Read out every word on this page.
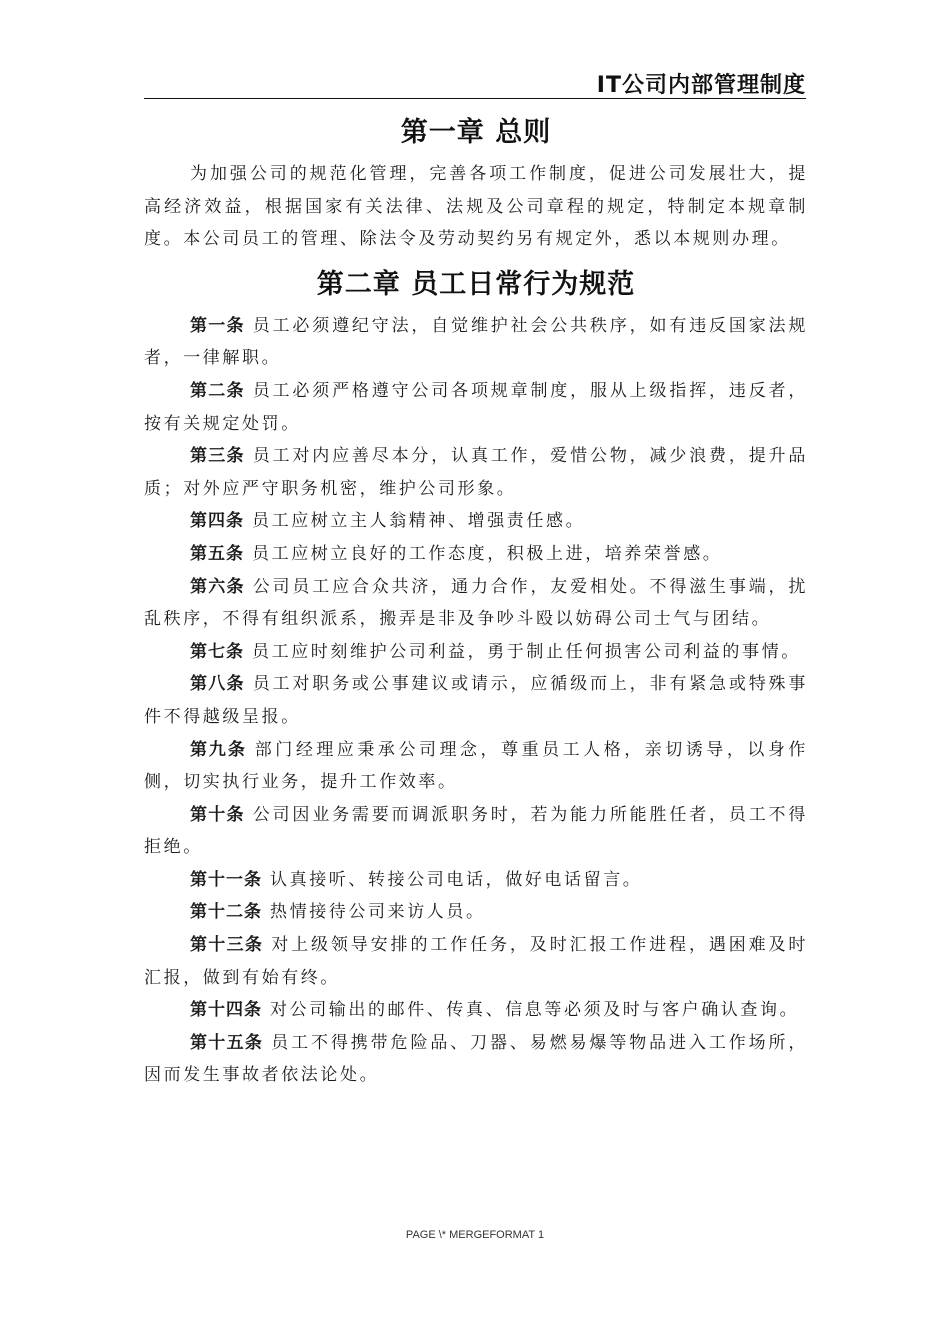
IT公司内部管理制度
第一章 总则

为加强公司的规范化管理，完善各项工作制度，促进公司发展壮大，提高经济效益，根据国家有关法律、法规及公司章程的规定，特制定本规章制度。本公司员工的管理、除法令及劳动契约另有规定外，悉以本规则办理。

第二章 员工日常行为规范

第一条 员工必须遵纪守法，自觉维护社会公共秩序，如有违反国家法规者，一律解职。

第二条 员工必须严格遵守公司各项规章制度，服从上级指挥，违反者，按有关规定处罚。

第三条 员工对内应善尽本分，认真工作，爱惜公物，减少浪费，提升品质；对外应严守职务机密，维护公司形象。

第四条 员工应树立主人翁精神、增强责任感。

第五条 员工应树立良好的工作态度，积极上进，培养荣誉感。

第六条 公司员工应合众共济，通力合作，友爱相处。不得滋生事端，扰乱秩序，不得有组织派系，搬弄是非及争吵斗殴以妨碍公司士气与团结。

第七条 员工应时刻维护公司利益，勇于制止任何损害公司利益的事情。

第八条 员工对职务或公事建议或请示，应循级而上，非有紧急或特殊事件不得越级呈报。

第九条 部门经理应秉承公司理念，尊重员工人格，亲切诱导，以身作侧，切实执行业务，提升工作效率。

第十条 公司因业务需要而调派职务时，若为能力所能胜任者，员工不得拒绝。

第十一条 认真接听、转接公司电话，做好电话留言。

第十二条 热情接待公司来访人员。

第十三条 对上级领导安排的工作任务，及时汇报工作进程，遇困难及时汇报，做到有始有终。

第十四条 对公司输出的邮件、传真、信息等必须及时与客户确认查询。

第十五条 员工不得携带危险品、刀器、易燃易爆等物品进入工作场所，因而发生事故者依法论处。

PAGE \* MERGEFORMAT 1
